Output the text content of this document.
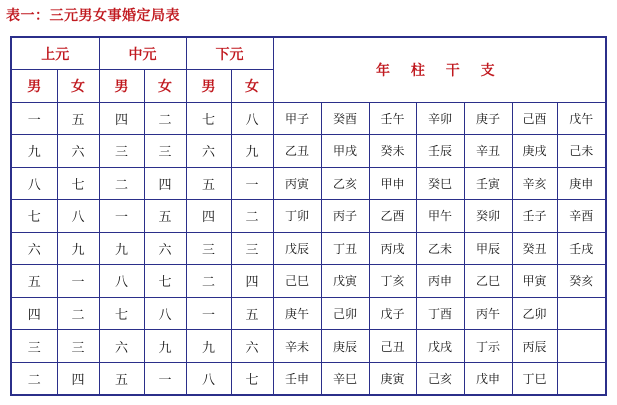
表一：三元男女事婚定局表
上元		中元		下元		年 柱 干 支						
男	女	男	女	男	女							
一	五	四	二	七	八	甲子	癸酉	壬午	辛卯	庚子	己酉	戊午
九	六	三	三	六	九	乙丑	甲戌	癸未	壬辰	辛丑	庚戌	己未
八	七	二	四	五	一	丙寅	乙亥	甲申	癸巳	壬寅	辛亥	庚申
七	八	一	五	四	二	丁卯	丙子	乙酉	甲午	癸卯	壬子	辛酉
六	九	九	六	三	三	戊辰	丁丑	丙戌	乙未	甲辰	癸丑	壬戌
五	一	八	七	二	四	己巳	戊寅	丁亥	丙申	乙巳	甲寅	癸亥
四	二	七	八	一	五	庚午	己卯	戊子	丁酉	丙午	乙卯	
三	三	六	九	九	六	辛未	庚辰	己丑	戊戌	丁示	丙辰	
二	四	五	一	八	七	壬申	辛巳	庚寅	己亥	戊申	丁巳	
